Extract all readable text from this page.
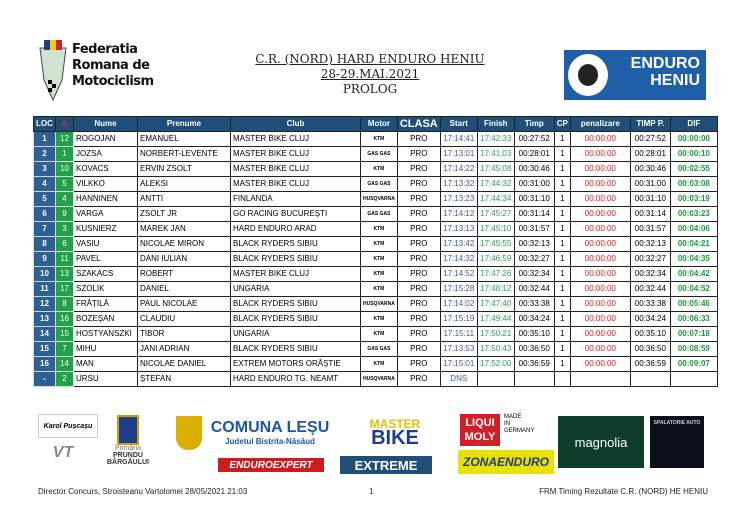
Federatia
Romana de
Motociclism
C.R. (NORD) HARD ENDURO HENIU
28-29.MAI.2021
PROLOG
ENDURO
HENIU
LOC	#	Nume	Prenume	Club	Motor	CLASA	Start	Finish	Timp	CP	penalizare	TIMP P.	DIF
1	12	ROGOJAN	EMANUEL	MASTER BIKE CLUJ	KTM	PRO	17:14:41	17:42:33	00:27:52	1	00:00:00	00:27:52	00:00:00
2	1	JOZSA	NORBERT-LEVENTE	MASTER BIKE CLUJ	GAS GAS	PRO	17:13:01	17:41:03	00:28:01	1	00:00:00	00:28:01	00:00:10
3	10	KOVACS	ERVIN ZSOLT	MASTER BIKE CLUJ	KTM	PRO	17:14:22	17:45:08	00:30:46	1	00:00:00	00:30:46	00:02:55
4	5	VILKKO	ALEKSI	MASTER BIKE CLUJ	GAS GAS	PRO	17:13:32	17:44:32	00:31:00	1	00:00:00	00:31:00	00:03:08
5	4	HANNINEN	ANTTI	FINLANDA	HUSQVARNA	PRO	17:13:23	17:44:34	00:31:10	1	00:00:00	00:31:10	00:03:19
6	9	VARGA	ZSOLT JR	GO RACING BUCUREȘTI	GAS GAS	PRO	17:14:12	17:45:27	00:31:14	1	00:00:00	00:31:14	00:03:23
7	3	KUSNIERZ	MAREK JAN	HARD ENDURO ARAD	KTM	PRO	17:13:13	17:45:10	00:31:57	1	00:00:00	00:31:57	00:04:06
8	6	VASIU	NICOLAE MIRON	BLACK RYDERS SIBIU	KTM	PRO	17:13:42	17:45:55	00:32:13	1	00:00:00	00:32:13	00:04:21
9	11	PAVEL	DANI IULIAN	BLACK RYDERS SIBIU	KTM	PRO	17:14:32	17:46:59	00:32:27	1	00:00:00	00:32:27	00:04:35
10	13	SZAKACS	ROBERT	MASTER BIKE CLUJ	KTM	PRO	17:14:52	17:47:26	00:32:34	1	00:00:00	00:32:34	00:04:42
11	17	SZOLIK	DANIEL	UNGARIA	KTM	PRO	17:15:28	17:48:12	00:32:44	1	00:00:00	00:32:44	00:04:52
12	8	FRĂȚILĂ	PAUL NICOLAE	BLACK RYDERS SIBIU	HUSQVARNA	PRO	17:14:02	17:47:40	00:33:38	1	00:00:00	00:33:38	00:05:46
13	16	BOZEȘAN	CLAUDIU	BLACK RYDERS SIBIU	KTM	PRO	17:15:19	17:49:44	00:34:24	1	00:00:00	00:34:24	00:06:33
14	15	HOSTYANSZKI	TIBOR	UNGARIA	KTM	PRO	17:15:11	17:50:21	00:35:10	1	00:00:00	00:35:10	00:07:18
15	7	MIHU	JANI ADRIAN	BLACK RYDERS SIBIU	GAS GAS	PRO	17:13:53	17:50:43	00:36:50	1	00:00:00	00:36:50	00:08:59
16	14	MAN	NICOLAE DANIEL	EXTREM MOTORS ORĂȘTIE	KTM	PRO	17:15:01	17:52:00	00:36:59	1	00:00:00	00:36:59	00:09:07
-	2	URSU	ȘTEFAN	HARD ENDURO TG. NEAMT	HUSQVARNA	PRO	DNS						
Karol Pușcașu
VT	Primăria
PRUNDU BÂRGĂULUI
COMUNA LEȘU
Judetul Bistrita-Năsăud
MASTER
BIKE
LIQUI
MOLY
MADE
IN
GERMANY
magnolia
SPALATORIE AUTO
ENDUROEXPERT	EXTREME	ZONAENDURO
Director Concurs, Stroisteanu Vartolomei 28/05/2021 21:03	1	FRM Timing Rezultate C.R. (NORD) HE HENIU
